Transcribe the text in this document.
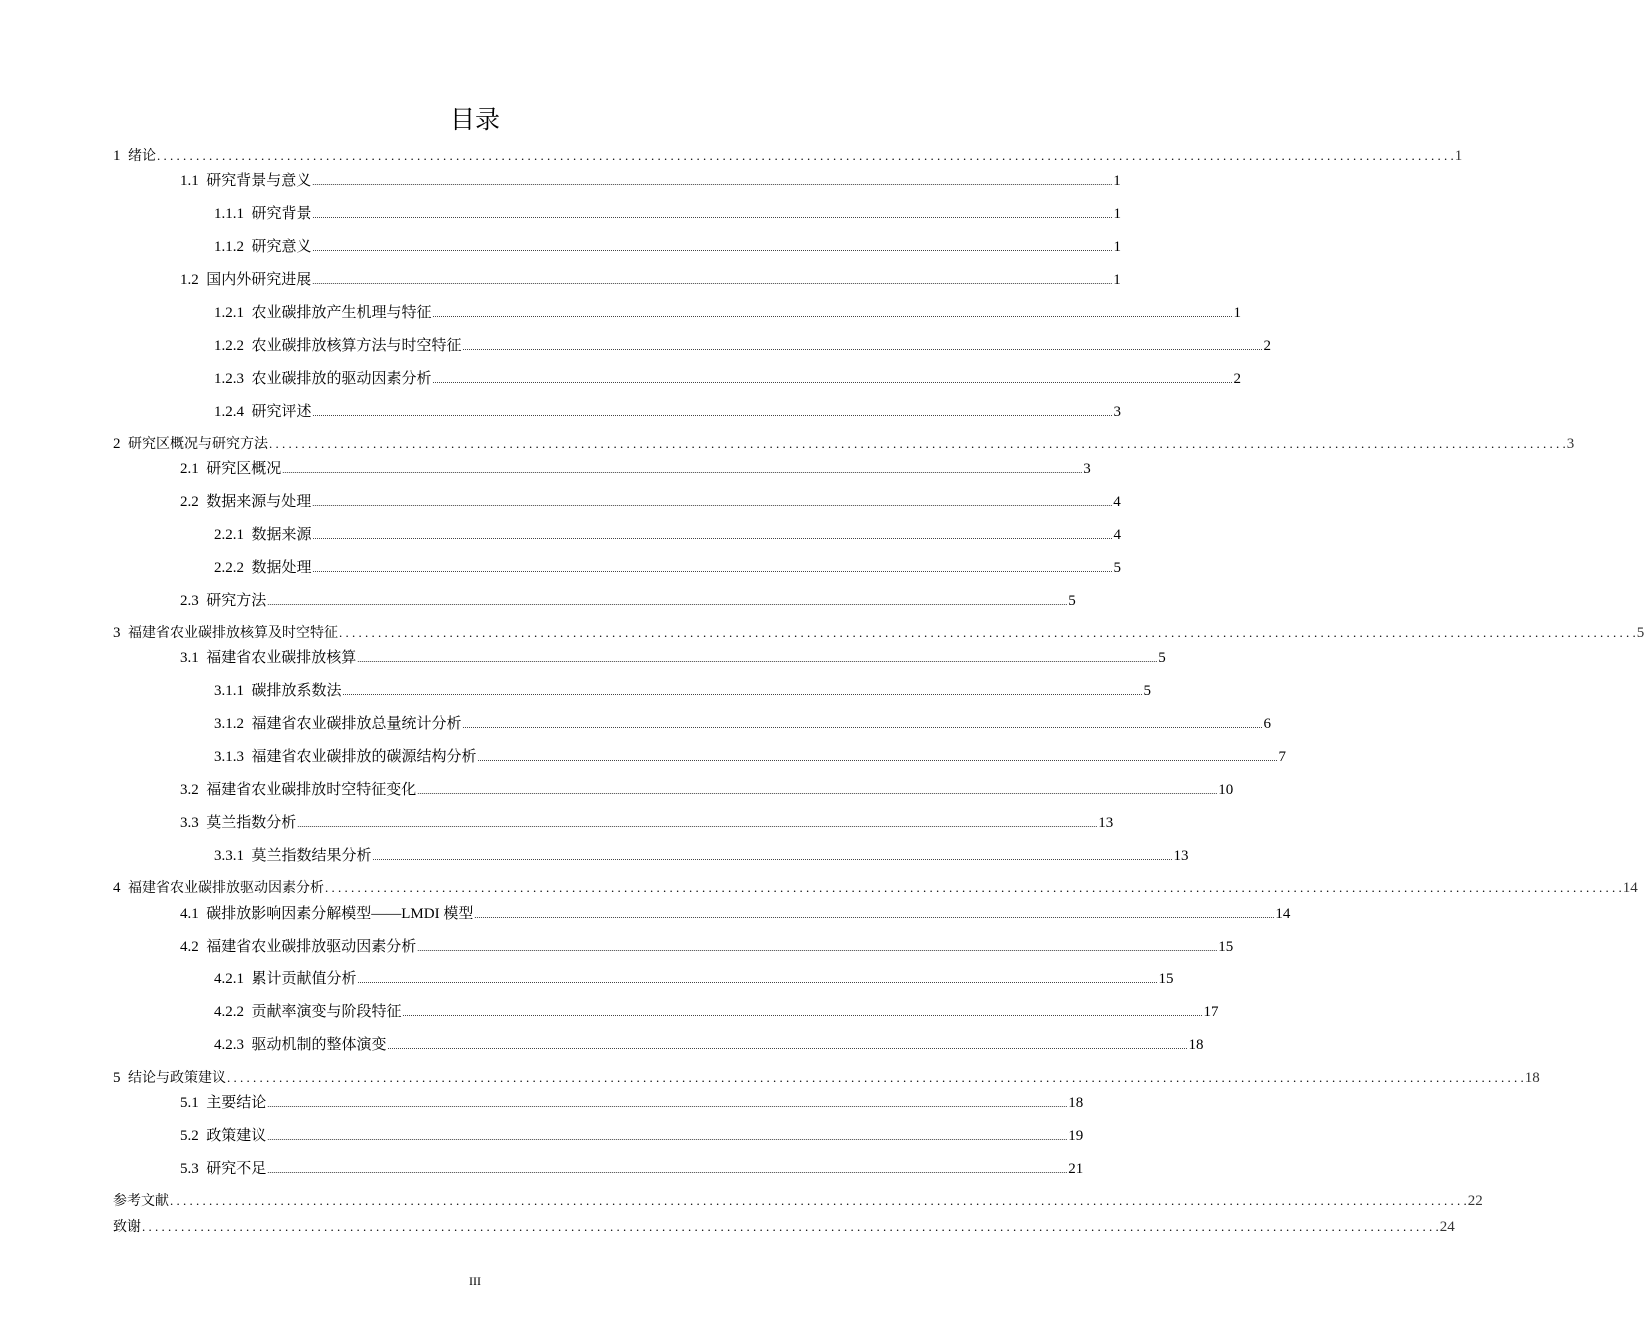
目录
1 绪论 . . . . . . . . . . . . . . . . . . . . . . . . . . . . . . . . . . . . . . . . . . . . . . . . . . . . . . . . . . . . . . . . . . . . . . . . . . . . . . . . . . . . . . . . . . . . . . . . . . . . . . . . . . . . . . . . . . . . . . . . . . . . . . . . . . . . . . . . . . . . . . . . . . . . . . . . . . . . . . . . . . . . . . . . . . . . . . . . . . . . . . . . . . . . . . . . . . . . . . . . 1
1.1 研究背景与意义 ................................................................................................................................................................................................................................................................................................................................................................................................................ 1
1.1.1 研究背景 ................................................................................................................................................................................................................................................................................................................................................................................................................ 1
1.1.2 研究意义 ................................................................................................................................................................................................................................................................................................................................................................................................................ 1
1.2 国内外研究进展 ................................................................................................................................................................................................................................................................................................................................................................................................................ 1
1.2.1 农业碳排放产生机理与特征 ................................................................................................................................................................................................................................................................................................................................................................................................................ 1
1.2.2 农业碳排放核算方法与时空特征 ................................................................................................................................................................................................................................................................................................................................................................................................................ 2
1.2.3 农业碳排放的驱动因素分析 ................................................................................................................................................................................................................................................................................................................................................................................................................ 2
1.2.4 研究评述 ................................................................................................................................................................................................................................................................................................................................................................................................................ 3
2 研究区概况与研究方法 . . . . . . . . . . . . . . . . . . . . . . . . . . . . . . . . . . . . . . . . . . . . . . . . . . . . . . . . . . . . . . . . . . . . . . . . . . . . . . . . . . . . . . . . . . . . . . . . . . . . . . . . . . . . . . . . . . . . . . . . . . . . . . . . . . . . . . . . . . . . . . . . . . . . . . . . . . . . . . . . . . . . . . . . . . . . . . . . . . . . . . . . . . . . . . . . . . . . . . . . 3
2.1 研究区概况 ................................................................................................................................................................................................................................................................................................................................................................................................................ 3
2.2 数据来源与处理 ................................................................................................................................................................................................................................................................................................................................................................................................................ 4
2.2.1 数据来源 ................................................................................................................................................................................................................................................................................................................................................................................................................ 4
2.2.2 数据处理 ................................................................................................................................................................................................................................................................................................................................................................................................................ 5
2.3 研究方法 ................................................................................................................................................................................................................................................................................................................................................................................................................ 5
3 福建省农业碳排放核算及时空特征 . . . . . . . . . . . . . . . . . . . . . . . . . . . . . . . . . . . . . . . . . . . . . . . . . . . . . . . . . . . . . . . . . . . . . . . . . . . . . . . . . . . . . . . . . . . . . . . . . . . . . . . . . . . . . . . . . . . . . . . . . . . . . . . . . . . . . . . . . . . . . . . . . . . . . . . . . . . . . . . . . . . . . . . . . . . . . . . . . . . . . . . . . . . . . . . . . . . . . . . . 5
3.1 福建省农业碳排放核算 ................................................................................................................................................................................................................................................................................................................................................................................................................ 5
3.1.1 碳排放系数法 ................................................................................................................................................................................................................................................................................................................................................................................................................ 5
3.1.2 福建省农业碳排放总量统计分析 ................................................................................................................................................................................................................................................................................................................................................................................................................ 6
3.1.3 福建省农业碳排放的碳源结构分析 ................................................................................................................................................................................................................................................................................................................................................................................................................ 7
3.2 福建省农业碳排放时空特征变化 ................................................................................................................................................................................................................................................................................................................................................................................................................ 10
3.3 莫兰指数分析 ................................................................................................................................................................................................................................................................................................................................................................................................................ 13
3.3.1 莫兰指数结果分析 ................................................................................................................................................................................................................................................................................................................................................................................................................ 13
4 福建省农业碳排放驱动因素分析 . . . . . . . . . . . . . . . . . . . . . . . . . . . . . . . . . . . . . . . . . . . . . . . . . . . . . . . . . . . . . . . . . . . . . . . . . . . . . . . . . . . . . . . . . . . . . . . . . . . . . . . . . . . . . . . . . . . . . . . . . . . . . . . . . . . . . . . . . . . . . . . . . . . . . . . . . . . . . . . . . . . . . . . . . . . . . . . . . . . . . . . . . . . . . . . . . . . . . . . . 14
4.1 碳排放影响因素分解模型——LMDI 模型 ................................................................................................................................................................................................................................................................................................................................................................................................................ 14
4.2 福建省农业碳排放驱动因素分析 ................................................................................................................................................................................................................................................................................................................................................................................................................ 15
4.2.1 累计贡献值分析 ................................................................................................................................................................................................................................................................................................................................................................................................................ 15
4.2.2 贡献率演变与阶段特征 ................................................................................................................................................................................................................................................................................................................................................................................................................ 17
4.2.3 驱动机制的整体演变 ................................................................................................................................................................................................................................................................................................................................................................................................................ 18
5 结论与政策建议 . . . . . . . . . . . . . . . . . . . . . . . . . . . . . . . . . . . . . . . . . . . . . . . . . . . . . . . . . . . . . . . . . . . . . . . . . . . . . . . . . . . . . . . . . . . . . . . . . . . . . . . . . . . . . . . . . . . . . . . . . . . . . . . . . . . . . . . . . . . . . . . . . . . . . . . . . . . . . . . . . . . . . . . . . . . . . . . . . . . . . . . . . . . . . . . . . . . . . . . . 18
5.1 主要结论 ................................................................................................................................................................................................................................................................................................................................................................................................................ 18
5.2 政策建议 ................................................................................................................................................................................................................................................................................................................................................................................................................ 19
5.3 研究不足 ................................................................................................................................................................................................................................................................................................................................................................................................................ 21
参考文献 . . . . . . . . . . . . . . . . . . . . . . . . . . . . . . . . . . . . . . . . . . . . . . . . . . . . . . . . . . . . . . . . . . . . . . . . . . . . . . . . . . . . . . . . . . . . . . . . . . . . . . . . . . . . . . . . . . . . . . . . . . . . . . . . . . . . . . . . . . . . . . . . . . . . . . . . . . . . . . . . . . . . . . . . . . . . . . . . . . . . . . . . . . . . . . . . . . . . . . . . 22
致谢 . . . . . . . . . . . . . . . . . . . . . . . . . . . . . . . . . . . . . . . . . . . . . . . . . . . . . . . . . . . . . . . . . . . . . . . . . . . . . . . . . . . . . . . . . . . . . . . . . . . . . . . . . . . . . . . . . . . . . . . . . . . . . . . . . . . . . . . . . . . . . . . . . . . . . . . . . . . . . . . . . . . . . . . . . . . . . . . . . . . . . . . . . . . . . . . . . . . . . . . . 24
III
